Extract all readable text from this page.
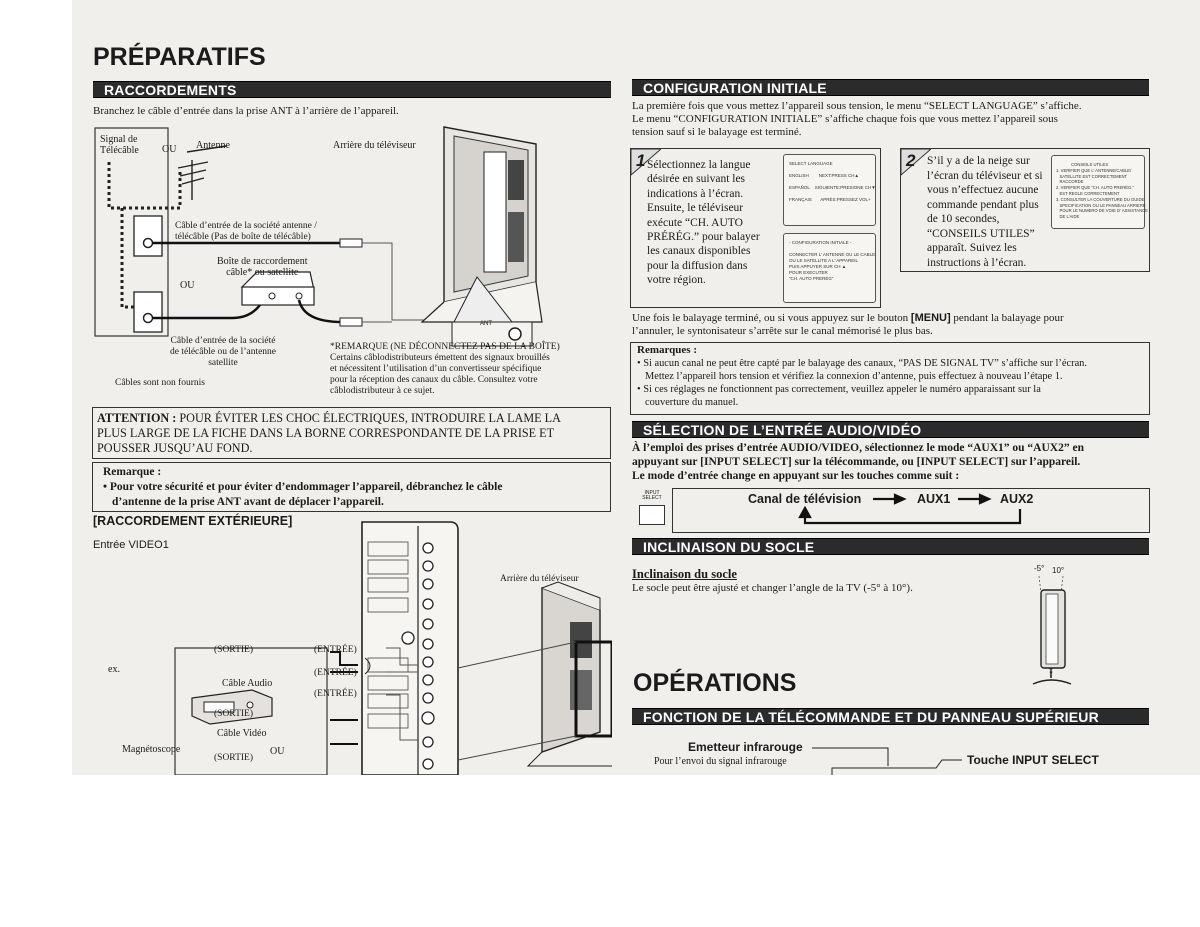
PRÉPARATIFS
RACCORDEMENTS
Branchez le câble d’entrée dans la prise ANT à l’arrière de l’appareil.
Signal de
Télécâble	OU Antenne	Arrière du téléviseur
Câble d’entrée de la société antenne /
télécâble (Pas de boîte de télécâble)
Boîte de raccordement
câble* ou satellite
OU
ANT
Câble d’entrée de la société
de télécâble ou de l’antenne
satellite
Câbles sont non fournis
*REMARQUE (NE DÉCONNECTEZ PAS DE LA BOÎTE)
Certains câblodistributeurs émettent des signaux brouillés
et nécessitent l’utilisation d’un convertisseur spécifique
pour la réception des canaux du câble. Consultez votre
câblodistributeur à ce sujet.
ATTENTION : POUR ÉVITER LES CHOC ÉLECTRIQUES, INTRODUIRE LA LAME LA
PLUS LARGE DE LA FICHE DANS LA BORNE CORRESPONDANTE DE LA PRISE ET
POUSSER JUSQU’AU FOND.
Remarque :
• Pour votre sécurité et pour éviter d’endommager l’appareil, débranchez le câble
d’antenne de la prise ANT avant de déplacer l’appareil.
[RACCORDEMENT EXTÉRIEURE]
Entrée VIDEO1
Arrière du téléviseur
ex.
(SORTIE)	(ENTRÉE)
(ENTRÉE)
Câble Audio
(ENTRÉE)
(SORTIE)
Câble Vidéo
Magnétoscope	OU
(SORTIE)
CONFIGURATION INITIALE
La première fois que vous mettez l’appareil sous tension, le menu “SELECT LANGUAGE” s’affiche.
Le menu “CONFIGURATION INITIALE” s’affiche chaque fois que vous mettez l’appareil sous
tension sauf si le balayage est terminé.
1 Sélectionnez la langue
désirée en suivant les
indications à l’écran.
Ensuite, le téléviseur
exécute “CH. AUTO
PRÉRÉG.” pour balayer
les canaux disponibles
pour la diffusion dans
votre région.

SELECT LANGUAGE

ENGLISH        NEXT:PRESS CH▲

ESPAÑOL    SIGUIENTE:PRESIONE CH▼

FRANÇAIS       APRÈS:PRESSEZ VOL+

- CONFIGURATION INITIALE -

CONNECTER L’ ANTENNE OU LE CABLE
OU LE SATELLITE A L’ APPAREIL
PUIS APPUYER SUR CH ▲
POUR EXECUTER
“CH. AUTO PRERÉG”

2 S’il y a de la neige sur
l’écran du téléviseur et si
vous n’effectuez aucune
commande pendant plus
de 10 secondes,
“CONSEILS UTILES”
apparaît. Suivez les
instructions à l’écran.

CONSEILS UTILES
1. VERIFIER QUE L’ ANTENNE/CABLE/
SATELLITE EST CORRECTEMENT
RACCORDE
2. VERIFIER QUE “CH. AUTO PRERÉG.”
EST REGLE CORRECTEMENT
3. CONSULTER LA COUVERTURE DU GUIDE
SPECIFICATION OU LE PANNEAU ARRIERE
POUR LE NUMERO DE VOIE D’ ASSISTANCE
DE L’AIDE

Une fois le balayage terminé, ou si vous appuyez sur le bouton [MENU] pendant la balayage pour
l’annuler, le syntonisateur s’arrête sur le canal mémorisé le plus bas.
Remarques :
• Si aucun canal ne peut être capté par le balayage des canaux, “PAS DE SIGNAL TV” s’affiche sur l’écran.
Mettez l’appareil hors tension et vérifiez la connexion d’antenne, puis effectuez à nouveau l’étape 1.
• Si ces réglages ne fonctionnent pas correctement, veuillez appeler le numéro apparaissant sur la
couverture du manuel.
SÉLECTION DE L’ENTRÉE AUDIO/VIDÉO
À l’emploi des prises d’entrée AUDIO/VIDEO, sélectionnez le mode “AUX1” ou “AUX2” en
appuyant sur [INPUT SELECT] sur la télécommande, ou [INPUT SELECT] sur l’appareil.
Le mode d’entrée change en appuyant sur les touches comme suit :
INPUT
SELECT	Canal de télévision	AUX1	AUX2
INCLINAISON DU SOCLE
Inclinaison du socle
Le socle peut être ajusté et changer l’angle de la TV (-5° à 10°).
-5° 10°
OPÉRATIONS
FONCTION DE LA TÉLÉCOMMANDE ET DU PANNEAU SUPÉRIEUR
Emetteur infrarouge
Pour l’envoi du signal infrarouge	Touche INPUT SELECT
